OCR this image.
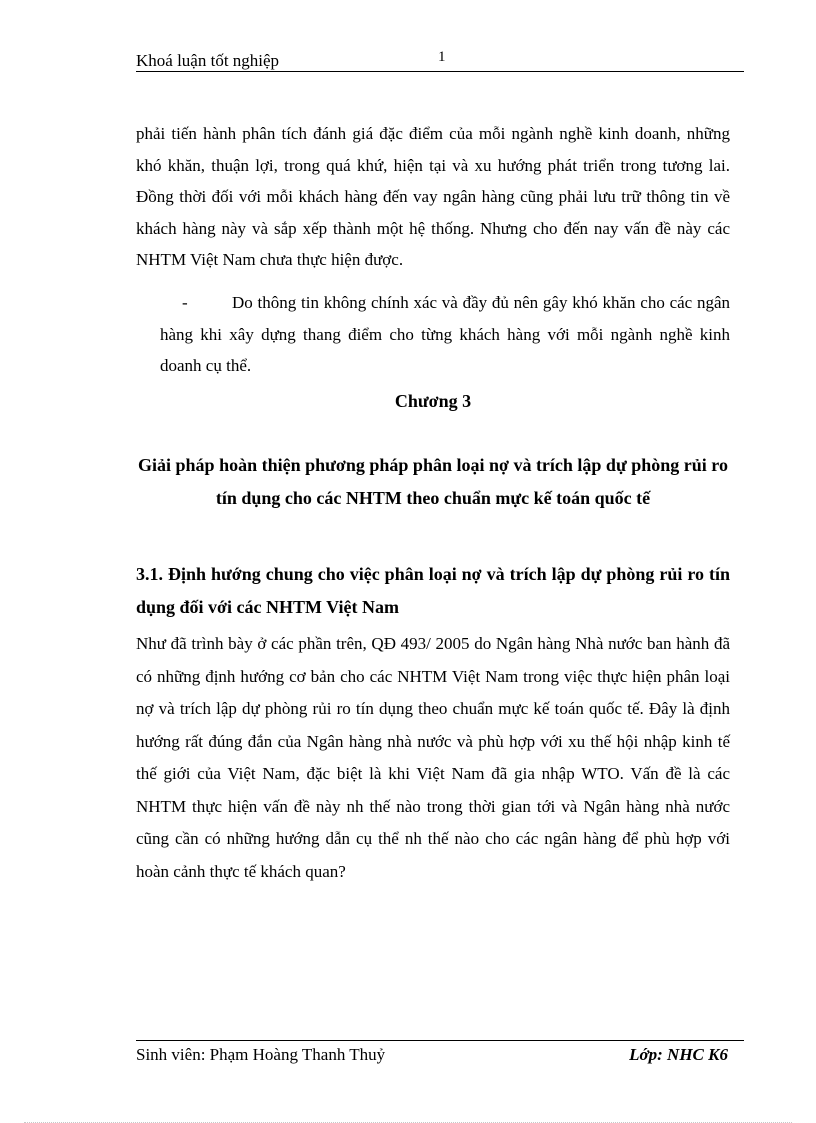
Khoá luận tốt nghiệp	1

phải tiến hành phân tích đánh giá đặc điểm của mỗi ngành nghề kinh doanh, những khó khăn, thuận lợi, trong quá khứ, hiện tại và xu hướng phát triển trong tương lai. Đồng thời đối với mỗi khách hàng đến vay ngân hàng cũng phải lưu trữ thông tin về khách hàng này và sắp xếp thành một hệ thống. Nhưng cho đến nay vấn đề này các NHTM Việt Nam chưa thực hiện được.

-	Do thông tin không chính xác và đầy đủ nên gây khó khăn cho các ngân hàng khi xây dựng thang điểm cho từng khách hàng với mỗi ngành nghề kinh doanh cụ thể.
Chương 3
Giải pháp hoàn thiện phương pháp phân loại nợ và trích lập dự phòng rủi ro tín dụng cho các NHTM theo chuẩn mực kế toán quốc tế
3.1. Định hướng chung cho việc phân loại nợ và trích lập dự phòng rủi ro tín dụng đối với các NHTM Việt Nam

Như đã trình bày ở các phần trên, QĐ 493/ 2005 do Ngân hàng Nhà nước ban hành đã có những định hướng cơ bản cho các NHTM Việt Nam trong việc thực hiện phân loại nợ và trích lập dự phòng rủi ro tín dụng theo chuẩn mực kế toán quốc tế. Đây là định hướng rất đúng đắn của Ngân hàng nhà nước và phù hợp với xu thế hội nhập kinh tế thế giới của Việt Nam, đặc biệt là khi Việt Nam đã gia nhập WTO. Vấn đề là các NHTM thực hiện vấn đề này nh thế nào trong thời gian tới và Ngân hàng nhà nước cũng cần có những hướng dẫn cụ thể nh thế nào cho các ngân hàng để phù hợp với hoàn cảnh thực tế khách quan?

Sinh viên: Phạm Hoàng Thanh Thuỷ	Lớp: NHC K6
